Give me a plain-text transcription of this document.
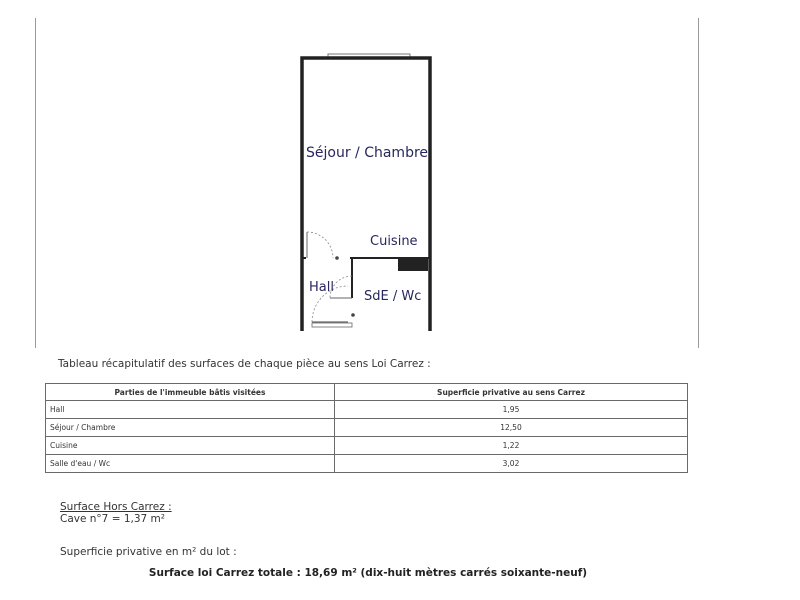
Séjour / Chambre
Cuisine
Hall
SdE / Wc
Tableau récapitulatif des surfaces de chaque pièce au sens Loi Carrez :
Parties de l'immeuble bâtis visitées	Superficie privative au sens Carrez
Hall	1,95
Séjour / Chambre	12,50
Cuisine	1,22
Salle d'eau / Wc	3,02
Surface Hors Carrez :
Cave n°7 = 1,37 m²
Superficie privative en m² du lot :
Surface loi Carrez totale : 18,69 m² (dix-huit mètres carrés soixante-neuf)
